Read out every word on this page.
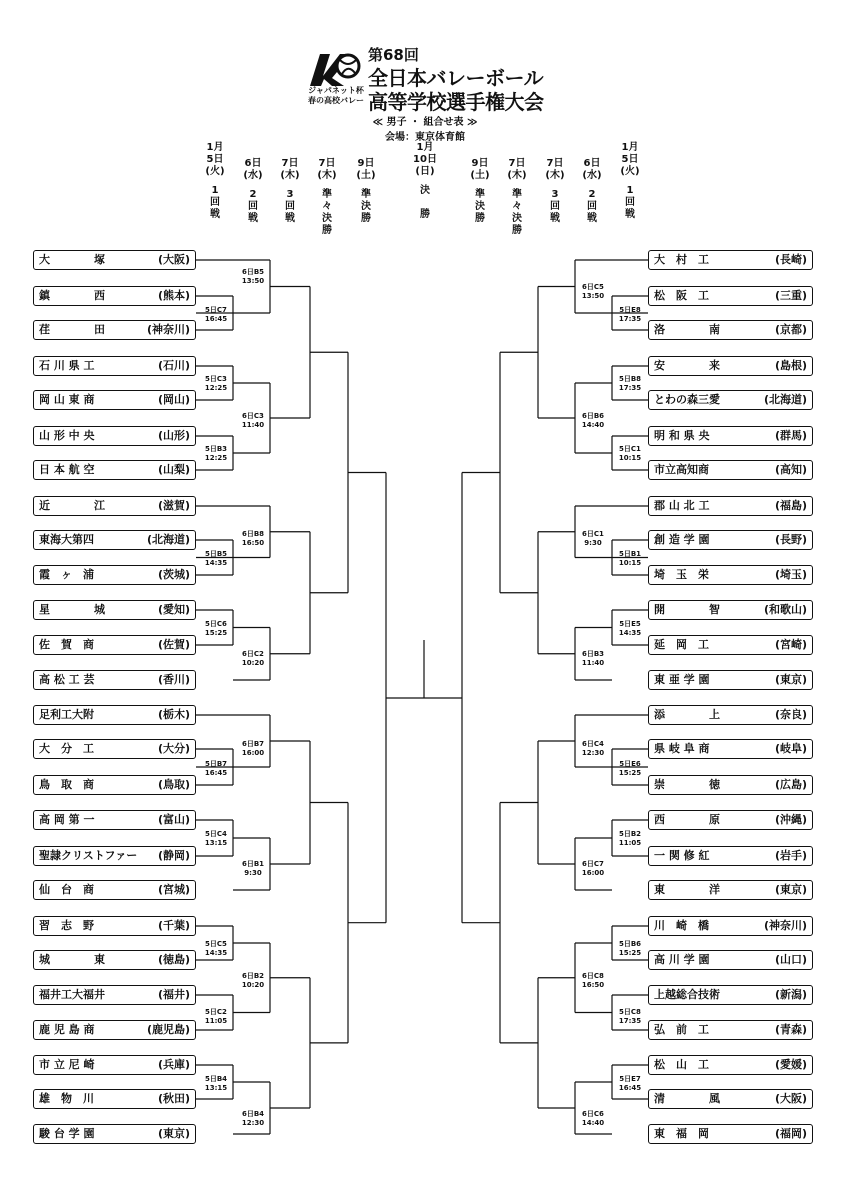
ジャパネット杯
春の高校バレー
第68回
全日本バレーボール
高等学校選手権大会
≪ 男子 ・ 組合せ表 ≫
会場：東京体育館
1月
5日
(火)
1
回
戦
6日
(水)
2
回
戦
7日
(木)
3
回
戦
7日
(木)
準
々
決
勝
9日
(土)
準
決
勝
1月
10日
(日)
決

勝
9日
(土)
準
決
勝
7日
(木)
準
々
決
勝
7日
(木)
3
回
戦
6日
(水)
2
回
戦
1月
5日
(火)
1
回
戦
大　　　　塚	(大阪)
鎮　　　　西	(熊本)
荏　　　　田	(神奈川)
石 川 県 工	(石川)
岡 山 東 商	(岡山)
山 形 中 央	(山形)
日 本 航 空	(山梨)
近　　　　江	(滋賀)
東海大第四	(北海道)
霞　ヶ　浦	(茨城)
星　　　　城	(愛知)
佐　賀　商	(佐賀)
高 松 工 芸	(香川)
足利工大附	(栃木)
大　分　工	(大分)
鳥　取　商	(鳥取)
高 岡 第 一	(富山)
聖隷クリストファー (静岡)
仙　台　商	(宮城)
習　志　野	(千葉)
城　　　　東	(徳島)
福井工大福井	(福井)
鹿 児 島 商	(鹿児島)
市 立 尼 崎	(兵庫)
雄　物　川	(秋田)
駿 台 学 園	(東京)
大　村　工	(長崎)
松　阪　工	(三重)
洛　　　　南	(京都)
安　　　　来	(島根)
とわの森三愛	(北海道)
明 和 県 央	(群馬)
市立高知商	(高知)
郡 山 北 工	(福島)
創 造 学 園	(長野)
埼　玉　栄	(埼玉)
開　　　　智	(和歌山)
延　岡　工	(宮崎)
東 亜 学 園	(東京)
添　　　　上	(奈良)
県 岐 阜 商	(岐阜)
崇　　　　徳	(広島)
西　　　　原	(沖縄)
一 関 修 紅	(岩手)
東　　　　洋	(東京)
川　崎　橋	(神奈川)
高 川 学 園	(山口)
上越総合技術	(新潟)
弘　前　工	(青森)
松　山　工	(愛媛)
清　　　　風	(大阪)
東　福　岡	(福岡)
6日B5
13:50
5日C7
16:45
5日C3
12:25
6日C3
11:40
5日B3
12:25
6日B8
16:50
5日B5
14:35
5日C6
15:25
6日C2
10:20
6日B7
16:00
5日B7
16:45
5日C4
13:15
6日B1
9:30
5日C5
14:35
6日B2
10:20
5日C2
11:05
5日B4
13:15
6日B4
12:30
6日C5
13:50
5日E8
17:35
5日B8
17:35
6日B6
14:40
5日C1
10:15
6日C1
9:30
5日B1
10:15
5日E5
14:35
6日B3
11:40
6日C4
12:30
5日E6
15:25
5日B2
11:05
6日C7
16:00
5日B6
15:25
6日C8
16:50
5日C8
17:35
5日E7
16:45
6日C6
14:40
